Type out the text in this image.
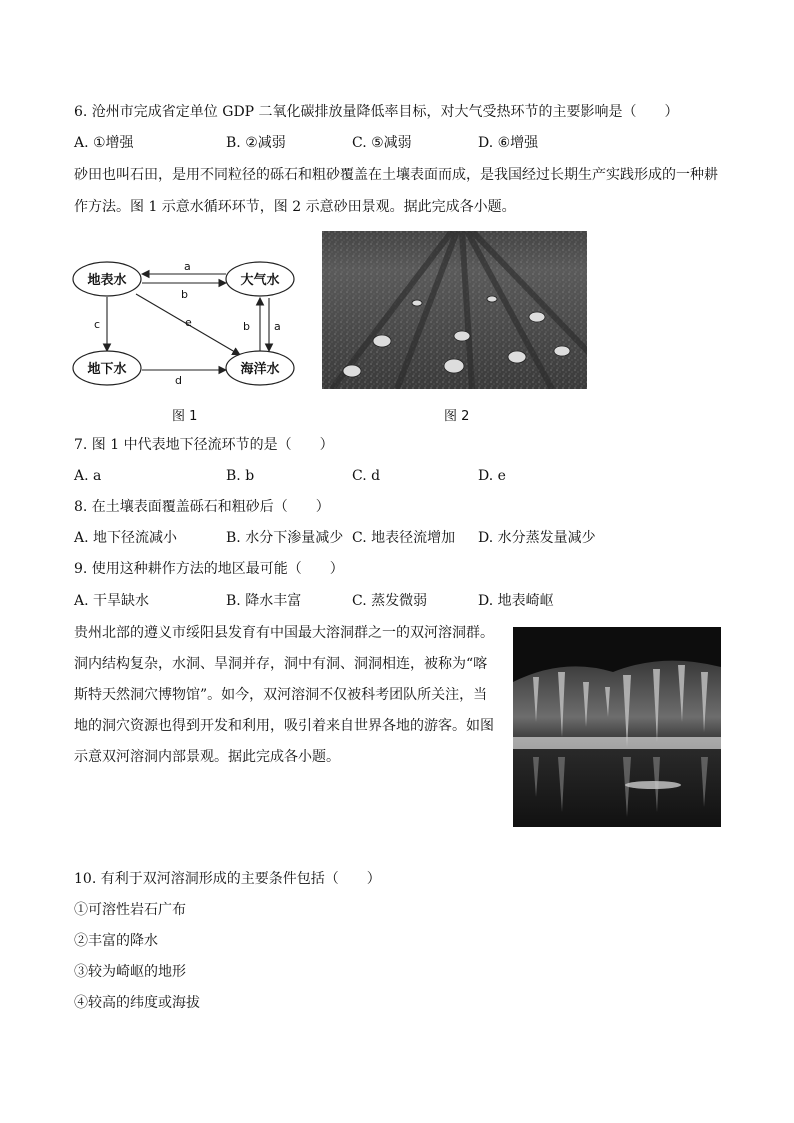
6. 沧州市完成省定单位 GDP 二氧化碳排放量降低率目标，对大气受热环节的主要影响是（　　）
A. ①增强	B. ②减弱	C. ⑤减弱	D. ⑥增强
砂田也叫石田，是用不同粒径的砾石和粗砂覆盖在土壤表面而成，是我国经过长期生产实践形成的一种耕
作方法。图 1 示意水循环环节，图 2 示意砂田景观。据此完成各小题。
a
b
c	e	b a
d
地表水	大气水
地下水	海洋水
图 1	图 2
7. 图 1 中代表地下径流环节的是（　　）
A. a	B. b	C. d	D. e
8. 在土壤表面覆盖砾石和粗砂后（　　）
A. 地下径流减小	B. 水分下渗量减少 C. 地表径流增加 D. 水分蒸发量减少
9. 使用这种耕作方法的地区最可能（　　）
A. 干旱缺水	B. 降水丰富	C. 蒸发微弱	D. 地表崎岖
贵州北部的遵义市绥阳县发育有中国最大溶洞群之一的双河溶洞群。
洞内结构复杂，水洞、旱洞并存，洞中有洞、洞洞相连，被称为“喀
斯特天然洞穴博物馆”。如今，双河溶洞不仅被科考团队所关注，当
地的洞穴资源也得到开发和利用，吸引着来自世界各地的游客。如图
示意双河溶洞内部景观。据此完成各小题。
10. 有利于双河溶洞形成的主要条件包括（　　）
①可溶性岩石广布
②丰富的降水
③较为崎岖的地形
④较高的纬度或海拔
